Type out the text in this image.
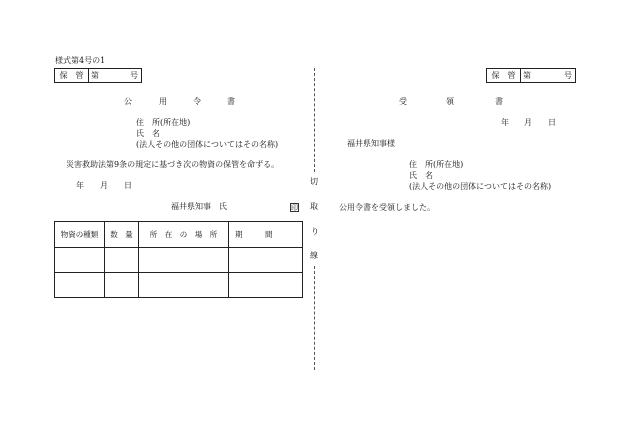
様式第4号の1
保　管 第	号
公	用	令	書
住　所(所在地)
氏　名
(法人その他の団体についてはその名称)
災害救助法第9条の規定に基づき次の物資の保管を命ずる。
年 月 日
福井県知事　氏	印
物資の種類	数　量	所　在　の　場　所	期　　　間

切
取
り
線
保　管 第	号
受	領	書
年 月 日
福井県知事様
住　所(所在地)
氏　名
(法人その他の団体についてはその名称)
公用令書を受領しました。
